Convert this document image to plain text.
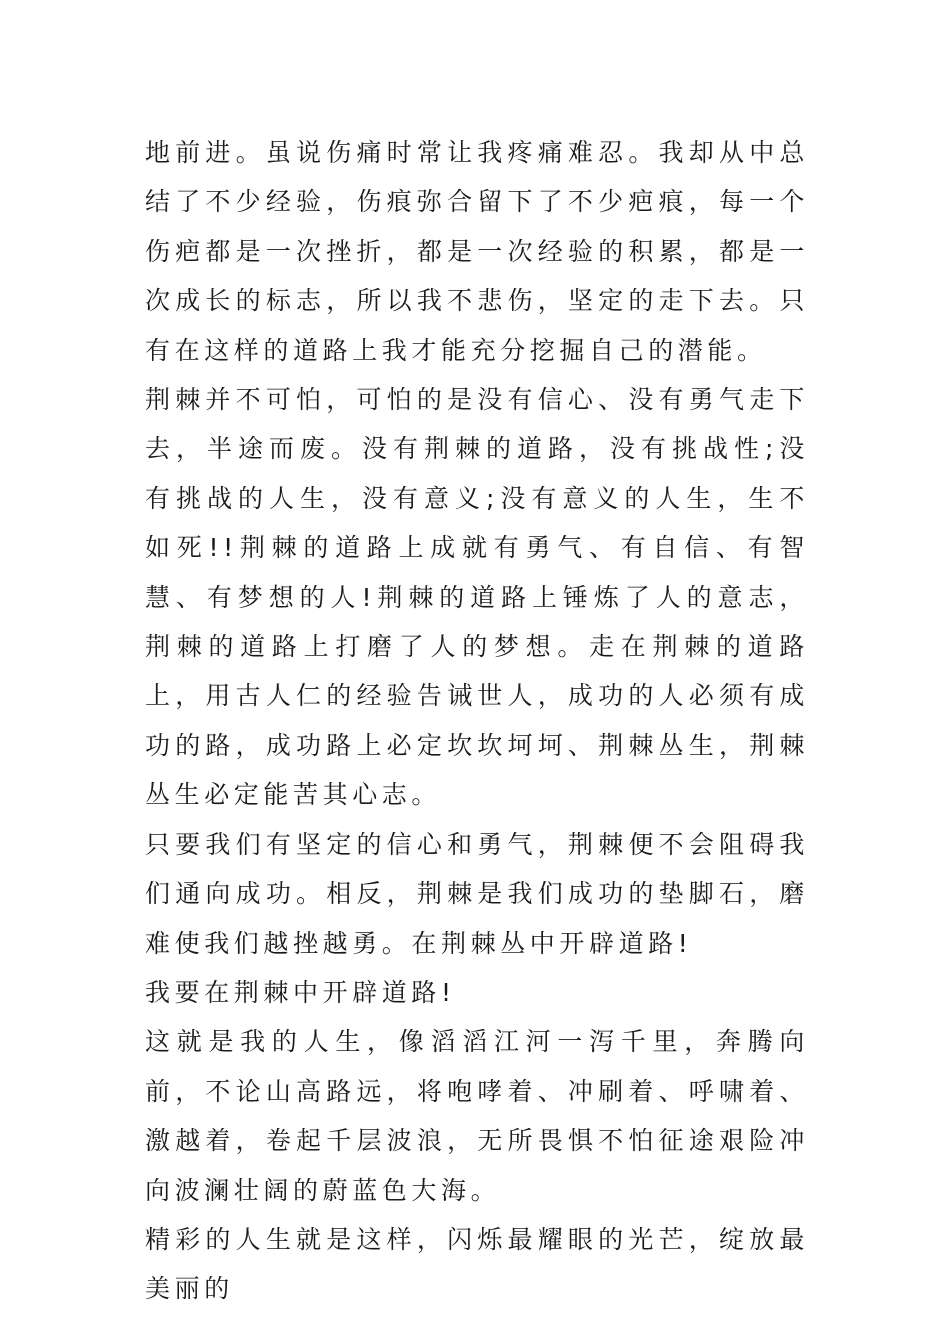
地前进。虽说伤痛时常让我疼痛难忍。我却从中总结了不少经验，伤痕弥合留下了不少疤痕，每一个伤疤都是一次挫折，都是一次经验的积累，都是一次成长的标志，所以我不悲伤，坚定的走下去。只有在这样的道路上我才能充分挖掘自己的潜能。

荆棘并不可怕，可怕的是没有信心、没有勇气走下去，半途而废。没有荆棘的道路，没有挑战性;没有挑战的人生，没有意义;没有意义的人生，生不如死!!荆棘的道路上成就有勇气、有自信、有智慧、有梦想的人!荆棘的道路上锤炼了人的意志，荆棘的道路上打磨了人的梦想。走在荆棘的道路上，用古人仁的经验告诫世人，成功的人必须有成功的路，成功路上必定坎坎坷坷、荆棘丛生，荆棘丛生必定能苦其心志。

只要我们有坚定的信心和勇气，荆棘便不会阻碍我们通向成功。相反，荆棘是我们成功的垫脚石，磨难使我们越挫越勇。在荆棘丛中开辟道路!

我要在荆棘中开辟道路!

这就是我的人生，像滔滔江河一泻千里，奔腾向前，不论山高路远，将咆哮着、冲刷着、呼啸着、激越着，卷起千层波浪，无所畏惧不怕征途艰险冲向波澜壮阔的蔚蓝色大海。

精彩的人生就是这样，闪烁最耀眼的光芒，绽放最美丽的
